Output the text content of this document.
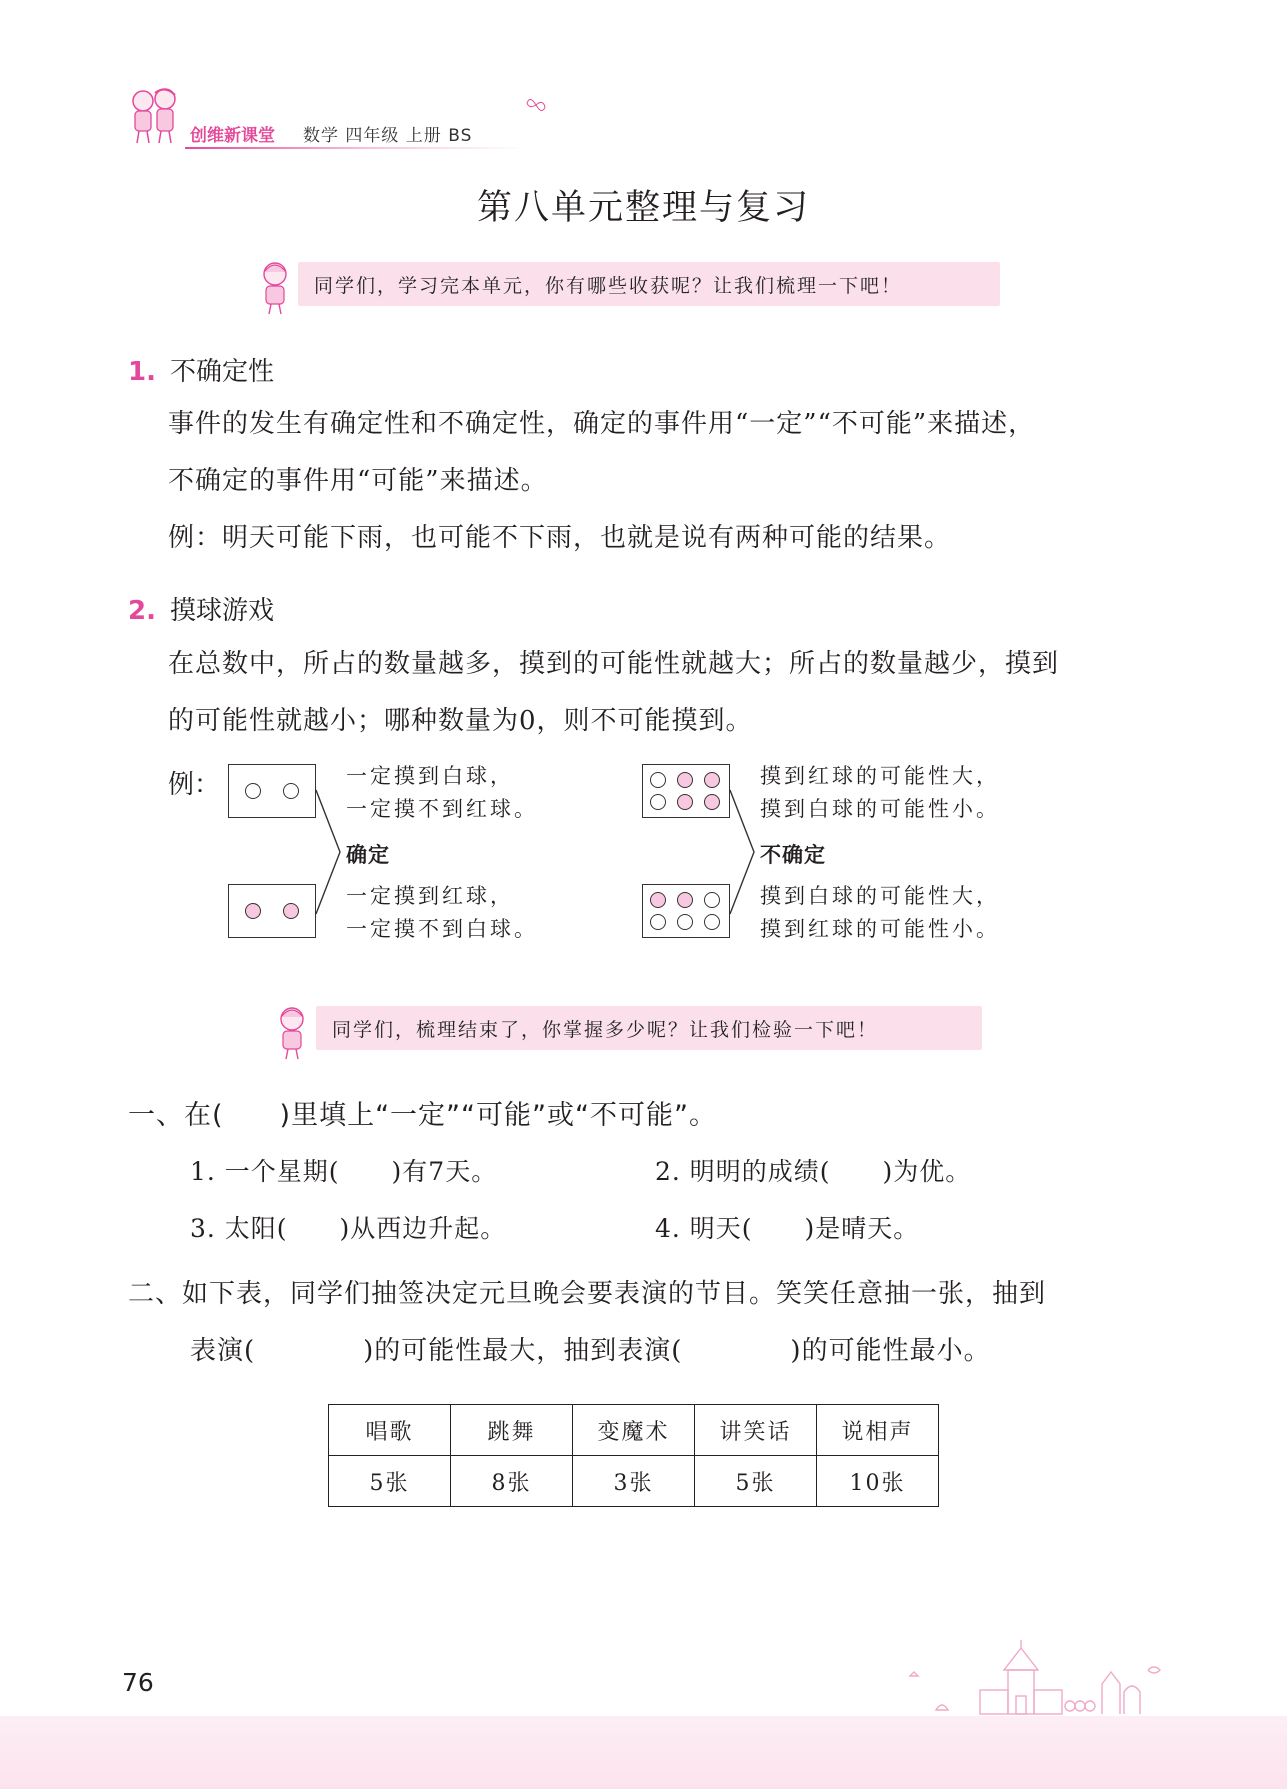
创维新课堂 数学 四年级 上册 BS
第八单元整理与复习
同学们，学习完本单元，你有哪些收获呢？让我们梳理一下吧！
1. 不确定性
事件的发生有确定性和不确定性，确定的事件用“一定”“不可能”来描述，
不确定的事件用“可能”来描述。
例：明天可能下雨，也可能不下雨，也就是说有两种可能的结果。
2. 摸球游戏
在总数中，所占的数量越多，摸到的可能性就越大；所占的数量越少，摸到
的可能性就越小；哪种数量为0，则不可能摸到。
例：	一定摸到白球，
一定摸不到红球。
确定
一定摸到红球，
一定摸不到白球。
摸到红球的可能性大，
摸到白球的可能性小。
不确定
摸到白球的可能性大，
摸到红球的可能性小。
同学们，梳理结束了，你掌握多少呢？让我们检验一下吧！
一、在(　　)里填上“一定”“可能”或“不可能”。
1. 一个星期(　　)有7天。	2. 明明的成绩(　　)为优。
3. 太阳(　　)从西边升起。	4. 明天(　　)是晴天。
二、如下表，同学们抽签决定元旦晚会要表演的节目。笑笑任意抽一张，抽到
表演(　　　　)的可能性最大，抽到表演(　　　　)的可能性最小。
唱歌	跳舞	变魔术	讲笑话	说相声
5张	8张	3张	5张	10张
76
